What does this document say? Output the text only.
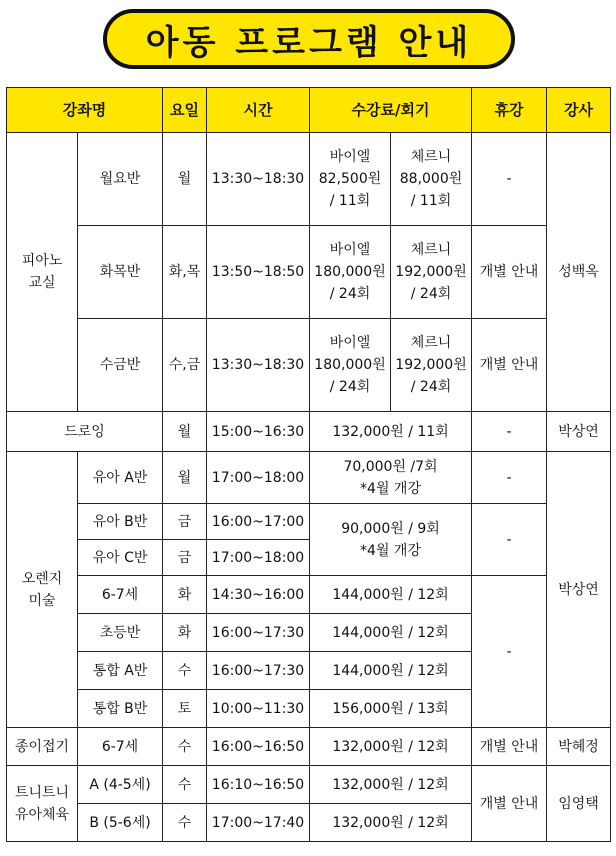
아동 프로그램 안내
강좌명		요일	시간	수강료/회기		휴강	강사
피아노
교실	월요반	월	13:30~18:30	바이엘
82,500원
/ 11회	체르니
88,000원
/ 11회	-	성백옥
	화목반	화,목	13:50~18:50	바이엘
180,000원
/ 24회	체르니
192,000원
/ 24회	개별 안내	
	수금반	수,금	13:30~18:30	바이엘
180,000원
/ 24회	체르니
192,000원
/ 24회	개별 안내	
드로잉		월	15:00~16:30	132,000원 / 11회		-	박상연
오렌지
미술	유아 A반	월	17:00~18:00	70,000원 /7회
*4월 개강		-	박상연
	유아 B반	금	16:00~17:00	90,000원 / 9회
*4월 개강		-	
	유아 C반	금	17:00~18:00				
	6-7세	화	14:30~16:00	144,000원 / 12회		-	
	초등반	화	16:00~17:30	144,000원 / 12회			
	통합 A반	수	16:00~17:30	144,000원 / 12회			
	통합 B반	토	10:00~11:30	156,000원 / 13회			
종이접기	6-7세	수	16:00~16:50	132,000원 / 12회		개별 안내	박혜정
트니트니
유아체육	A (4-5세)	수	16:10~16:50	132,000원 / 12회		개별 안내	임영택
	B (5-6세)	수	17:00~17:40	132,000원 / 12회			
